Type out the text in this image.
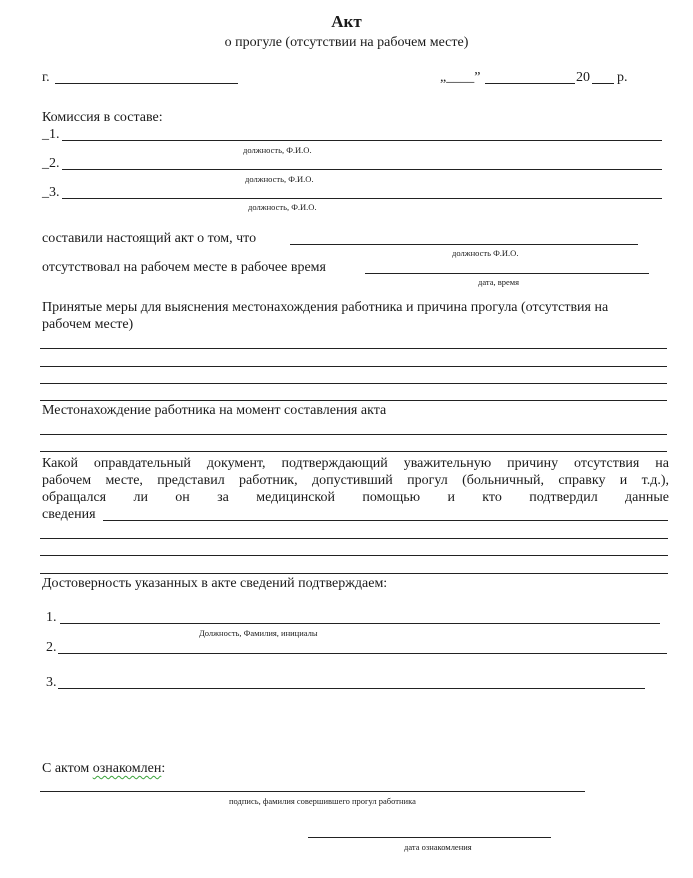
Акт
о прогуле (отсутствии на рабочем месте)
г.	„____”	20 р.
Комиссия в составе:
_1.
должность, Ф.И.О.
_2.
должность, Ф.И.О.
_3.
должность, Ф.И.О.
составили настоящий акт о том, что
должность Ф.И.О.
отсутствовал на рабочем месте в рабочее время
дата, время
Принятые меры для выяснения местонахождения работника и причина прогула (отсутствия на
рабочем месте)
Местонахождение работника на момент составления акта
Какой оправдательный документ, подтверждающий уважительную причину отсутствия на
рабочем месте, представил работник, допустивший прогул (больничный, справку и т.д.),
обращался ли он за медицинской помощью и кто подтвердил данные
сведения
Достоверность указанных в акте сведений подтверждаем:
1.
Должность, Фамилия, инициалы
2.
3.
С актом ознакомлен:
подпись, фамилия совершившего прогул работника
дата ознакомления
